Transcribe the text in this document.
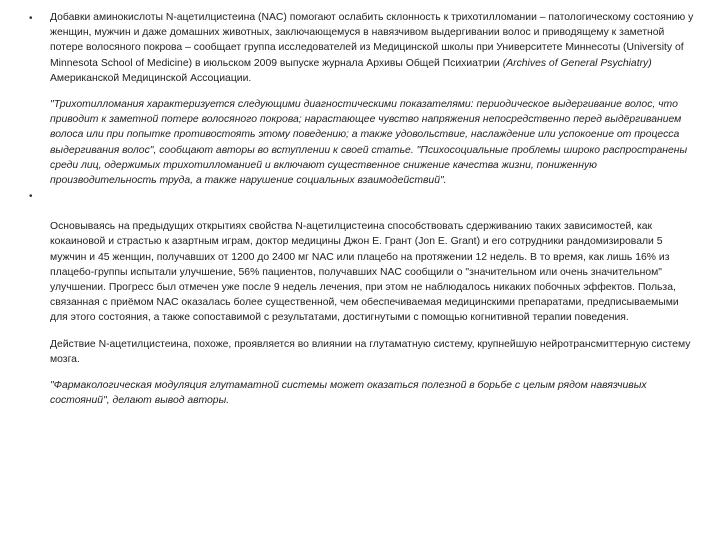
•
•

Добавки аминокислоты N-ацетилцистеина (NAC) помогают ослабить склонность к трихотилломании – патологическому состоянию у женщин, мужчин и даже домашних животных, заключающемуся в навязчивом выдергивании волос и приводящему к заметной потере волосяного покрова – сообщает группа исследователей из Медицинской школы при Университете Миннесоты (University of Minnesota School of Medicine) в июльском 2009 выпуске журнала Архивы Общей Психиатрии (Archives of General Psychiatry) Американской Медицинской Ассоциации.

"Трихотилломания характеризуется следующими диагностическими показателями: периодическое выдергивание волос, что приводит к заметной потере волосяного покрова; нарастающее чувство напряжения непосредственно перед выдёргиванием волоса или при попытке противостоять этому поведению; а также удовольствие, наслаждение или успокоение от процесса выдергивания волос", сообщают авторы во вступлении к своей статье. "Психосоциальные проблемы широко распространены среди лиц, одержимых трихотилломанией и включают существенное снижение качества жизни, пониженную производительность труда, а также нарушение социальных взаимодействий".

Основываясь на предыдущих открытиях свойства N-ацетилцистеина способствовать сдерживанию таких зависимостей, как кокаиновой и страстью к азартным играм, доктор медицины Джон Е. Грант (Jon E. Grant) и его сотрудники рандомизировали 5 мужчин и 45 женщин, получавших от 1200 до 2400 мг NAC или плацебо на протяжении 12 недель. В то время, как лишь 16% из плацебо-группы испытали улучшение, 56% пациентов, получавших NAC сообщили о "значительном или очень значительном" улучшении. Прогресс был отмечен уже после 9 недель лечения, при этом не наблюдалось никаких побочных эффектов. Польза, связанная с приёмом NAC оказалась более существенной, чем обеспечиваемая медицинскими препаратами, предписываемыми для этого состояния, а также сопоставимой с результатами, достигнутыми с помощью когнитивной терапии поведения.

Действие N-ацетилцистеина, похоже, проявляется во влиянии на глутаматную систему, крупнейшую нейротрансмиттерную систему мозга.

"Фармакологическая модуляция глутаматной системы может оказаться полезной в борьбе с целым рядом навязчивых состояний", делают вывод авторы.
